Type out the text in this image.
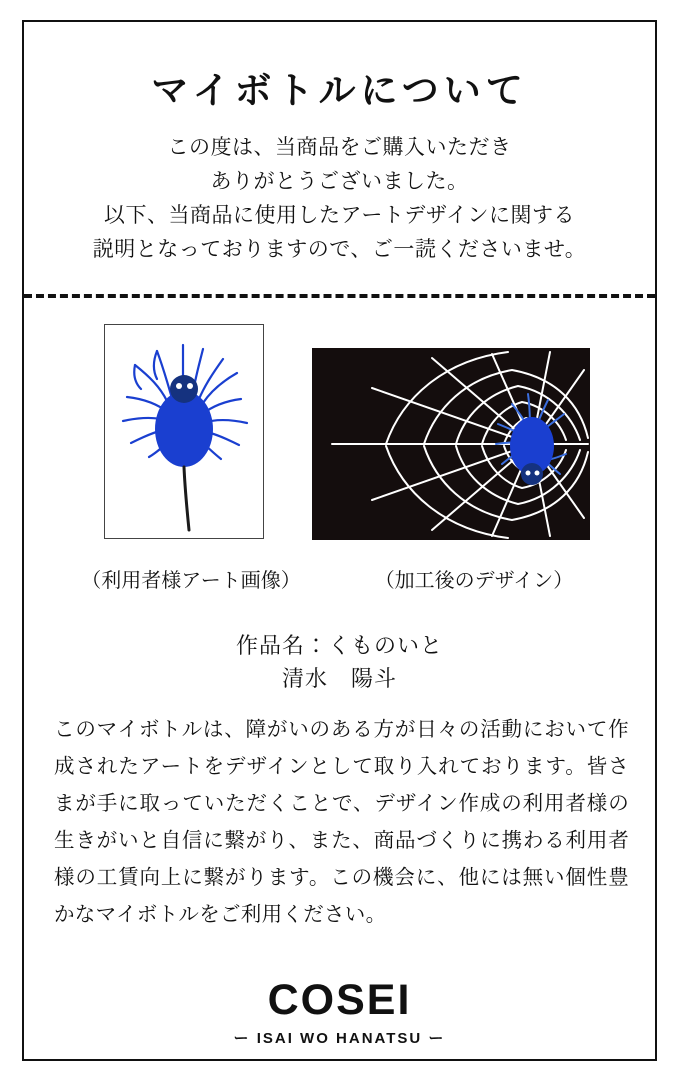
マイボトルについて
この度は、当商品をご購入いただき
ありがとうございました。
以下、当商品に使用したアートデザインに関する
説明となっておりますので、ご一読くださいませ。
（利用者様アート画像）	（加工後のデザイン）
作品名：くものいと
清水　陽斗
このマイボトルは、障がいのある方が日々の活動において作成されたアートをデザインとして取り入れております。皆さまが手に取っていただくことで、デザイン作成の利用者様の生きがいと自信に繋がり、また、商品づくりに携わる利用者様の工賃向上に繋がります。この機会に、他には無い個性豊かなマイボトルをご利用ください。
COSEI
ー ISAI WO HANATSU ー
